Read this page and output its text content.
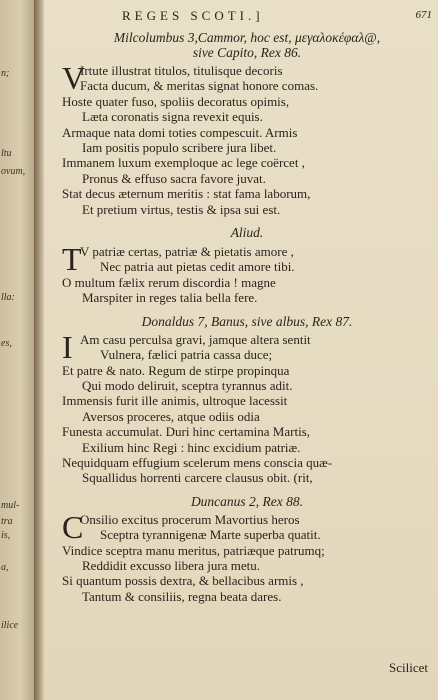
n;
ltu
ovum,
lla:
es,
mul-
tra
is,
a,
ilice
REGES SCOTI.]	671
Milcolumbus 3,Cammor, hoc est, μεγαλοκέφαλ@,
sive Capito, Rex 86.
V
Irtute illustrat titulos, titulisque decoris
Facta ducum, & meritas signat honore comas.
Hoste quater fuso, spoliis decoratus opimis,
Læta coronatis signa revexit equis.
Armaque nata domi toties compescuit. Armis
Iam positis populo scribere jura libet.
Immanem luxum exemploque ac lege coërcet ,
Pronus & effuso sacra favore juvat.
Stat decus æternum meritis : stat fama laborum,
Et pretium virtus, testis & ipsa sui est.
Aliud.
T
V patriæ certas, patriæ & pietatis amore ,
Nec patria aut pietas cedit amore tibi.
O multum fælix rerum discordia ! magne
Marspiter in reges talia bella fere.
Donaldus 7, Banus, sive albus, Rex 87.
I Am casu perculsa gravi, jamque altera sentit
Vulnera, fælici patria cassa duce;
Et patre & nato. Regum de stirpe propinqua
Qui modo deliruit, sceptra tyrannus adit.
Immensis furit ille animis, ultroque lacessit
Aversos proceres, atque odiis odia
Funesta accumulat. Duri hinc certamina Martis,
Exilium hinc Regi : hinc excidium patriæ.
Nequidquam effugium scelerum mens conscia quæ-
Squallidus horrenti carcere clausus obit. (rit,
Duncanus 2, Rex 88.
C
Onsilio excitus procerum Mavortius heros
Sceptra tyrannigenæ Marte superba quatit.
Vindice sceptra manu meritus, patriæque patrumq;
Reddidit excusso libera jura metu.
Si quantum possis dextra, & bellacibus armis ,
Tantum & consiliis, regna beata dares.
Scilicet
